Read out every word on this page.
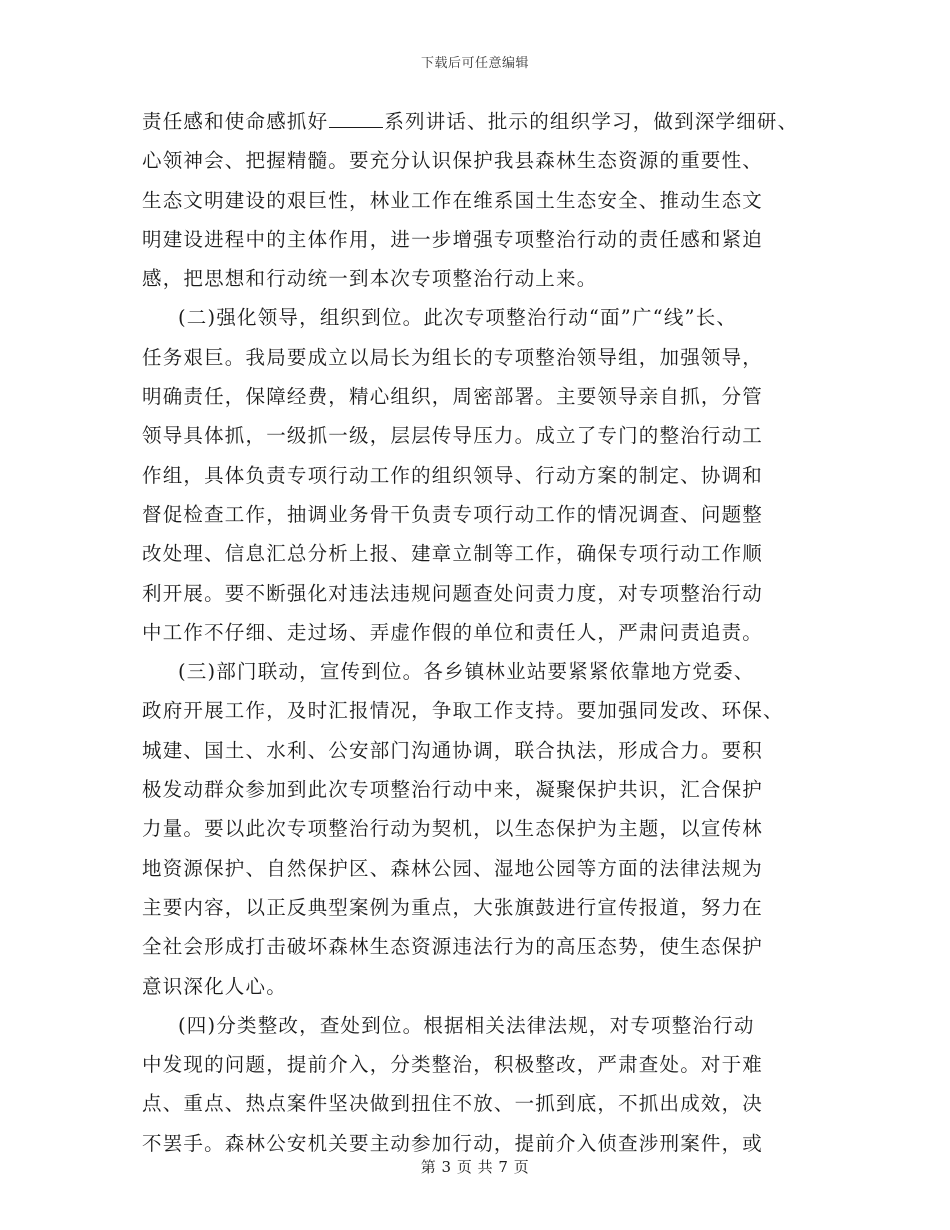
下载后可任意编辑
责任感和使命感抓好	系列讲话、批示的组织学习，做到深学细研、
心领神会、把握精髓。要充分认识保护我县森林生态资源的重要性、
生态文明建设的艰巨性，林业工作在维系国土生态安全、推动生态文
明建设进程中的主体作用，进一步增强专项整治行动的责任感和紧迫
感，把思想和行动统一到本次专项整治行动上来。
(二)强化领导，组织到位。此次专项整治行动“面”广“线”长、
任务艰巨。我局要成立以局长为组长的专项整治领导组，加强领导，
明确责任，保障经费，精心组织，周密部署。主要领导亲自抓，分管
领导具体抓，一级抓一级，层层传导压力。成立了专门的整治行动工
作组，具体负责专项行动工作的组织领导、行动方案的制定、协调和
督促检查工作，抽调业务骨干负责专项行动工作的情况调查、问题整
改处理、信息汇总分析上报、建章立制等工作，确保专项行动工作顺
利开展。要不断强化对违法违规问题查处问责力度，对专项整治行动
中工作不仔细、走过场、弄虚作假的单位和责任人，严肃问责追责。
(三)部门联动，宣传到位。各乡镇林业站要紧紧依靠地方党委、
政府开展工作，及时汇报情况，争取工作支持。要加强同发改、环保、
城建、国土、水利、公安部门沟通协调，联合执法，形成合力。要积
极发动群众参加到此次专项整治行动中来，凝聚保护共识，汇合保护
力量。要以此次专项整治行动为契机，以生态保护为主题，以宣传林
地资源保护、自然保护区、森林公园、湿地公园等方面的法律法规为
主要内容，以正反典型案例为重点，大张旗鼓进行宣传报道，努力在
全社会形成打击破坏森林生态资源违法行为的高压态势，使生态保护
意识深化人心。
(四)分类整改，查处到位。根据相关法律法规，对专项整治行动
中发现的问题，提前介入，分类整治，积极整改，严肃查处。对于难
点、重点、热点案件坚决做到扭住不放、一抓到底，不抓出成效，决
不罢手。森林公安机关要主动参加行动，提前介入侦查涉刑案件，或
第 3 页 共 7 页
